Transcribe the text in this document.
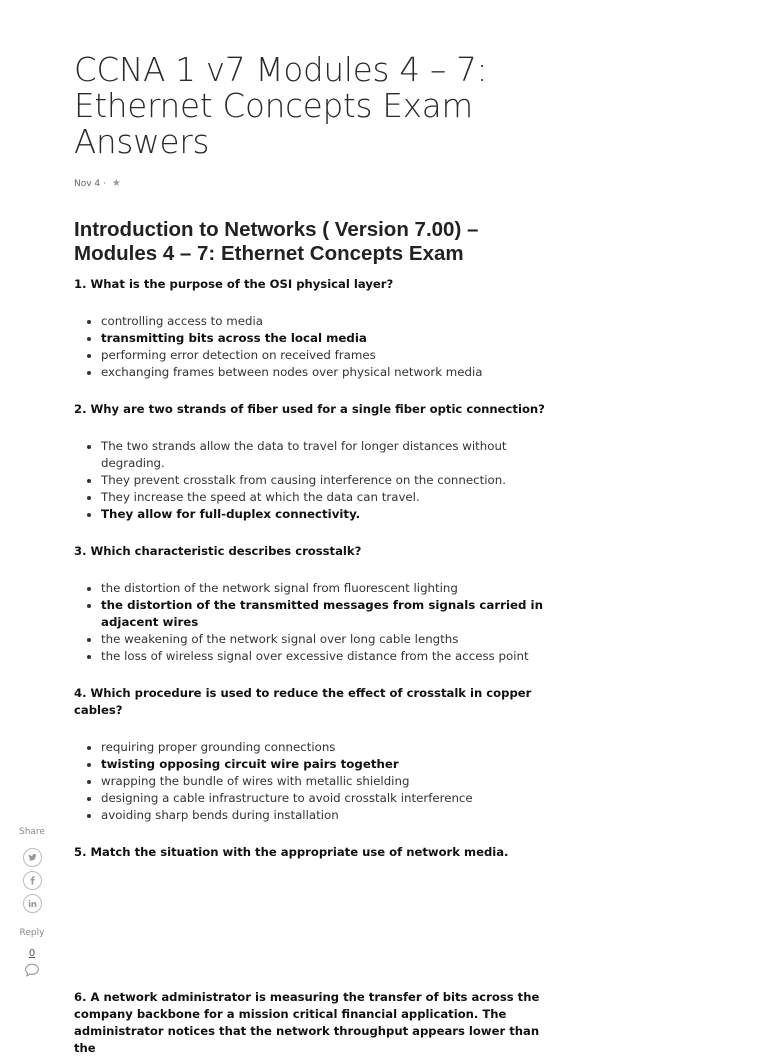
CCNA 1 v7 Modules 4 – 7: Ethernet Concepts Exam Answers
Nov 4 · ★
Introduction to Networks ( Version 7.00) – Modules 4 – 7: Ethernet Concepts Exam

1. What is the purpose of the OSI physical layer?

controlling access to media
transmitting bits across the local media
performing error detection on received frames
exchanging frames between nodes over physical network media

2. Why are two strands of fiber used for a single fiber optic connection?

The two strands allow the data to travel for longer distances without degrading.
They prevent crosstalk from causing interference on the connection.
They increase the speed at which the data can travel.
They allow for full-duplex connectivity.

3. Which characteristic describes crosstalk?

the distortion of the network signal from fluorescent lighting
the distortion of the transmitted messages from signals carried in adjacent wires
the weakening of the network signal over long cable lengths
the loss of wireless signal over excessive distance from the access point

4. Which procedure is used to reduce the effect of crosstalk in copper cables?

requiring proper grounding connections
twisting opposing circuit wire pairs together
wrapping the bundle of wires with metallic shielding
designing a cable infrastructure to avoid crosstalk interference
avoiding sharp bends during installation

5. Match the situation with the appropriate use of network media.

6. A network administrator is measuring the transfer of bits across the company backbone for a mission critical financial application. The administrator notices that the network throughput appears lower than the

Share
Reply
0
